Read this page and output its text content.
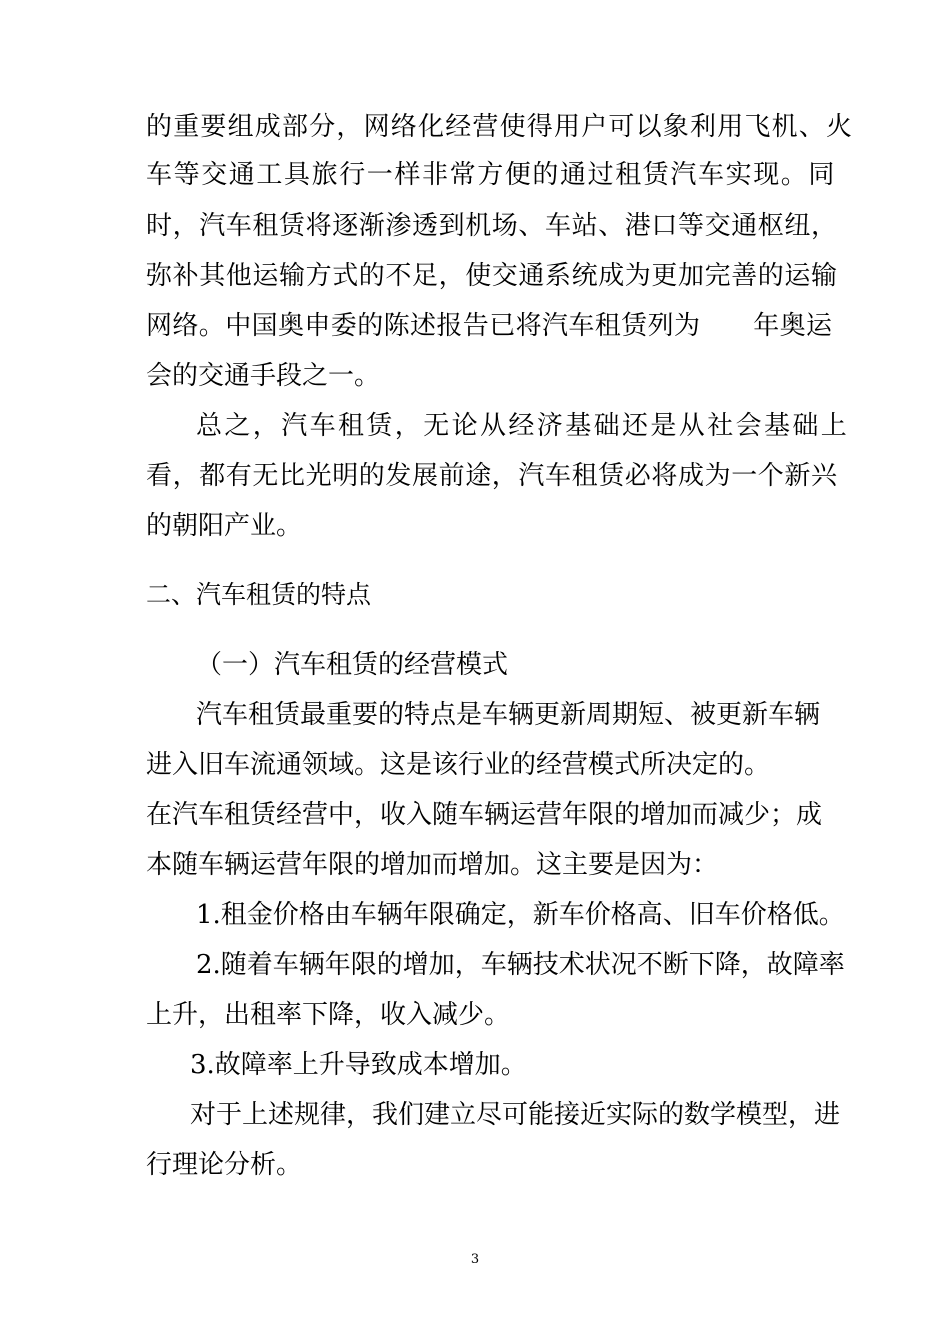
的重要组成部分，网络化经营使得用户可以象利用飞机、火
车等交通工具旅行一样非常方便的通过租赁汽车实现。同
时，汽车租赁将逐渐渗透到机场、车站、港口等交通枢纽，
弥补其他运输方式的不足，使交通系统成为更加完善的运输
网络。中国奥申委的陈述报告已将汽车租赁列为　　年奥运
会的交通手段之一。
总之，汽车租赁，无论从经济基础还是从社会基础上
看，都有无比光明的发展前途，汽车租赁必将成为一个新兴
的朝阳产业。
二、汽车租赁的特点
（一）汽车租赁的经营模式
汽车租赁最重要的特点是车辆更新周期短、被更新车辆
进入旧车流通领域。这是该行业的经营模式所决定的。
在汽车租赁经营中，收入随车辆运营年限的增加而减少；成
本随车辆运营年限的增加而增加。这主要是因为：
1.租金价格由车辆年限确定，新车价格高、旧车价格低。
2.随着车辆年限的增加，车辆技术状况不断下降，故障率
上升，出租率下降，收入减少。
3.故障率上升导致成本增加。
对于上述规律，我们建立尽可能接近实际的数学模型，进
行理论分析。
3
